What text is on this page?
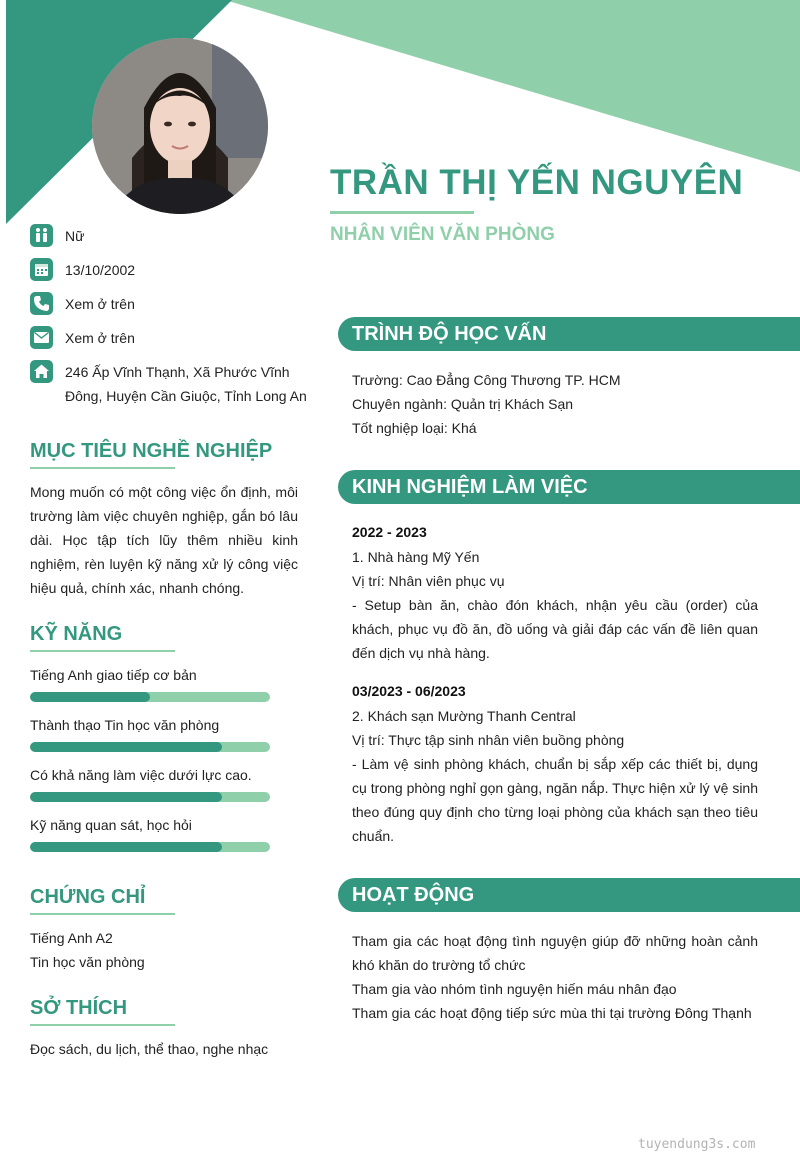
TRẦN THỊ YẾN NGUYÊN
NHÂN VIÊN VĂN PHÒNG
Nữ
13/10/2002
Xem ở trên
Xem ở trên
246 Ấp Vĩnh Thạnh, Xã Phước Vĩnh Đông, Huyện Cần Giuộc, Tỉnh Long An
MỤC TIÊU NGHỀ NGHIỆP
Mong muốn có một công việc ổn định, môi trường làm việc chuyên nghiệp, gắn bó lâu dài. Học tập tích lũy thêm nhiều kinh nghiệm, rèn luyện kỹ năng xử lý công việc hiệu quả, chính xác, nhanh chóng.
KỸ NĂNG
Tiếng Anh giao tiếp cơ bản
Thành thạo Tin học văn phòng
Có khả năng làm việc dưới lực cao.
Kỹ năng quan sát, học hỏi
CHỨNG CHỈ
Tiếng Anh A2
Tin học văn phòng
SỞ THÍCH
Đọc sách, du lịch, thể thao, nghe nhạc
TRÌNH ĐỘ HỌC VẤN
Trường: Cao Đẳng Công Thương TP. HCM
Chuyên ngành: Quản trị Khách Sạn
Tốt nghiệp loại: Khá
KINH NGHIỆM LÀM VIỆC
2022 - 2023
1. Nhà hàng Mỹ Yến
Vị trí: Nhân viên phục vụ
- Setup bàn ăn, chào đón khách, nhận yêu cầu (order) của khách, phục vụ đồ ăn, đồ uống và giải đáp các vấn đề liên quan đến dịch vụ nhà hàng.
03/2023 - 06/2023
2. Khách sạn Mường Thanh Central
Vị trí: Thực tập sinh nhân viên buồng phòng
- Làm vệ sinh phòng khách, chuẩn bị sắp xếp các thiết bị, dụng cụ trong phòng nghỉ gọn gàng, ngăn nắp. Thực hiện xử lý vệ sinh theo đúng quy định cho từng loại phòng của khách sạn theo tiêu chuẩn.
HOẠT ĐỘNG
Tham gia các hoạt động tình nguyện giúp đỡ những hoàn cảnh khó khăn do trường tổ chức
Tham gia vào nhóm tình nguyện hiến máu nhân đạo
Tham gia các hoạt động tiếp sức mùa thi tại trường Đông Thạnh
tuyendung3s.com
